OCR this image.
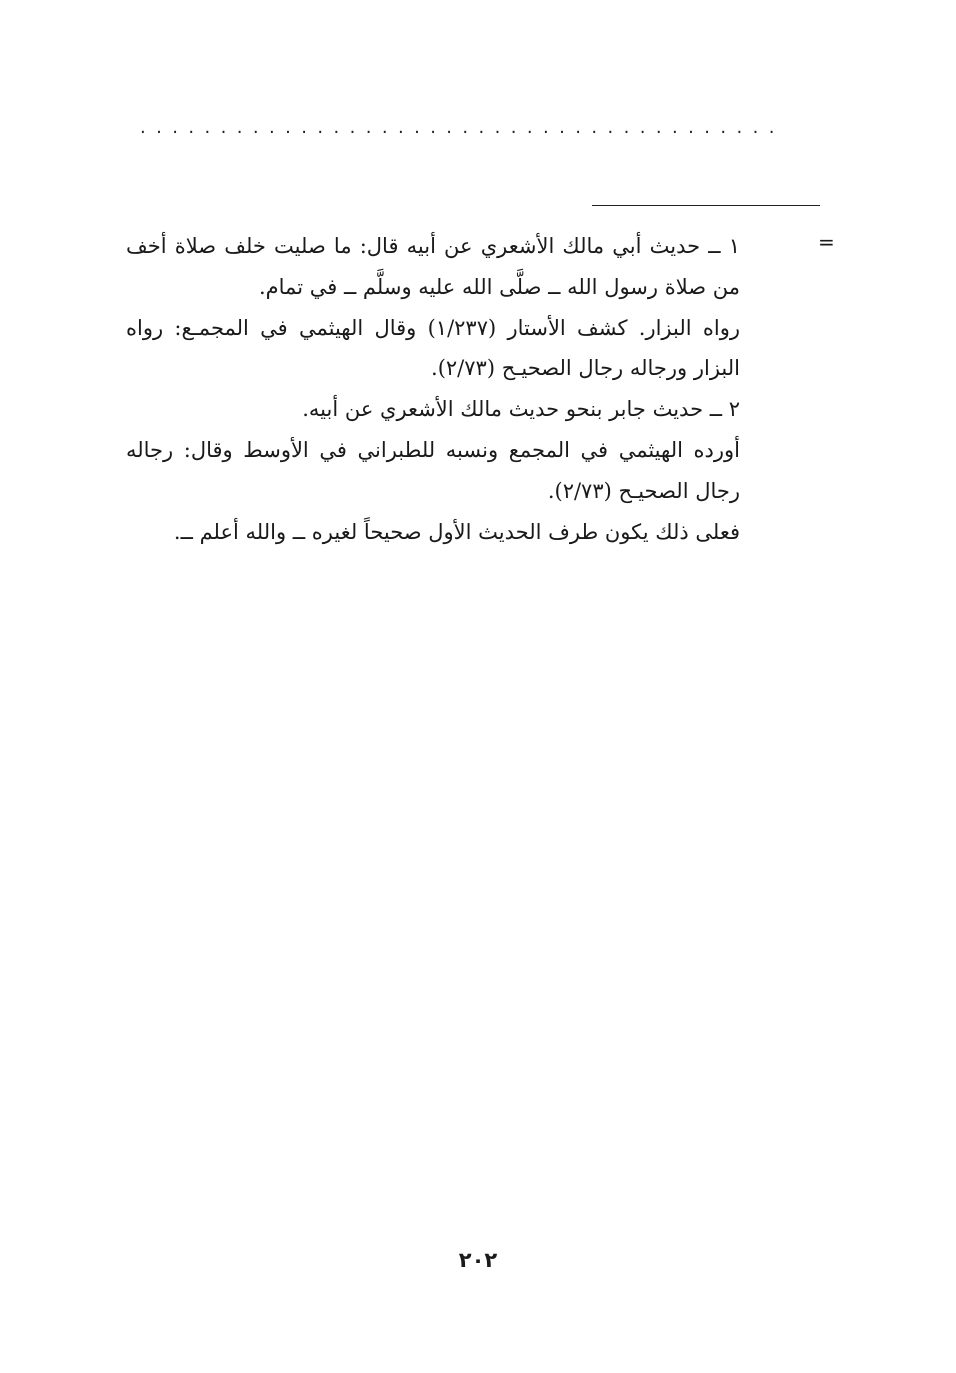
........................................
=

١ ــ حديث أبي مالك الأشعري عن أبيه قال: ما صليت خلف صلاة أخف من صلاة رسول الله ــ صلَّى الله عليه وسلَّم ــ في تمام.

رواه البزار. كشف الأستار (١/٢٣٧) وقال الهيثمي في المجمـع: رواه البزار ورجاله رجال الصحيـح (٢/٧٣).

٢ ــ حديث جابر بنحو حديث مالك الأشعري عن أبيه.

أورده الهيثمي في المجمع ونسبه للطبراني في الأوسط وقال: رجاله رجال الصحيـح (٢/٧٣).

فعلى ذلك يكون طرف الحديث الأول صحيحاً لغيره ــ والله أعلم ــ.

٢٠٢
